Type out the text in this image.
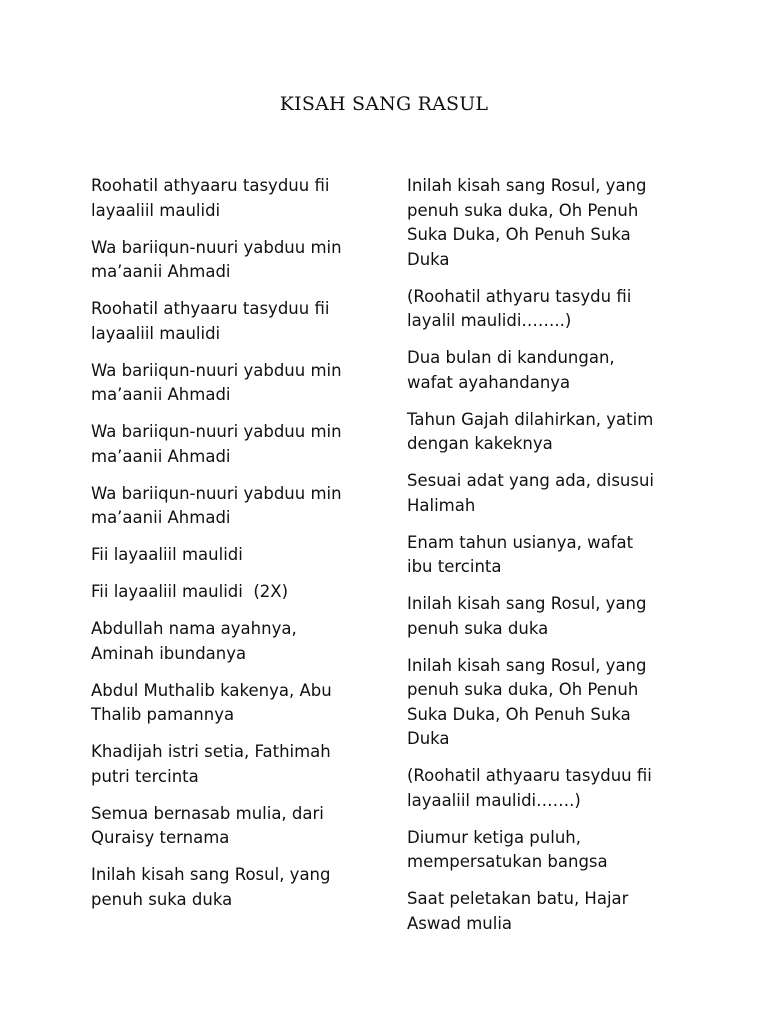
KISAH SANG RASUL

Roohatil athyaaru tasyduu fii
layaaliil maulidi

Wa bariiqun-nuuri yabduu min
ma’aanii Ahmadi

Roohatil athyaaru tasyduu fii
layaaliil maulidi

Wa bariiqun-nuuri yabduu min
ma’aanii Ahmadi

Wa bariiqun-nuuri yabduu min
ma’aanii Ahmadi

Wa bariiqun-nuuri yabduu min
ma’aanii Ahmadi

Fii layaaliil maulidi

Fii layaaliil maulidi  (2X)

Abdullah nama ayahnya,
Aminah ibundanya

Abdul Muthalib kakenya, Abu
Thalib pamannya

Khadijah istri setia, Fathimah
putri tercinta

Semua bernasab mulia, dari
Quraisy ternama

Inilah kisah sang Rosul, yang
penuh suka duka

Inilah kisah sang Rosul, yang
penuh suka duka, Oh Penuh
Suka Duka, Oh Penuh Suka
Duka

(Roohatil athyaru tasydu fii
layalil maulidi……..)

Dua bulan di kandungan,
wafat ayahandanya

Tahun Gajah dilahirkan, yatim
dengan kakeknya

Sesuai adat yang ada, disusui
Halimah

Enam tahun usianya, wafat
ibu tercinta

Inilah kisah sang Rosul, yang
penuh suka duka

Inilah kisah sang Rosul, yang
penuh suka duka, Oh Penuh
Suka Duka, Oh Penuh Suka
Duka

(Roohatil athyaaru tasyduu fii
layaaliil maulidi…….)

Diumur ketiga puluh,
mempersatukan bangsa

Saat peletakan batu, Hajar
Aswad mulia
